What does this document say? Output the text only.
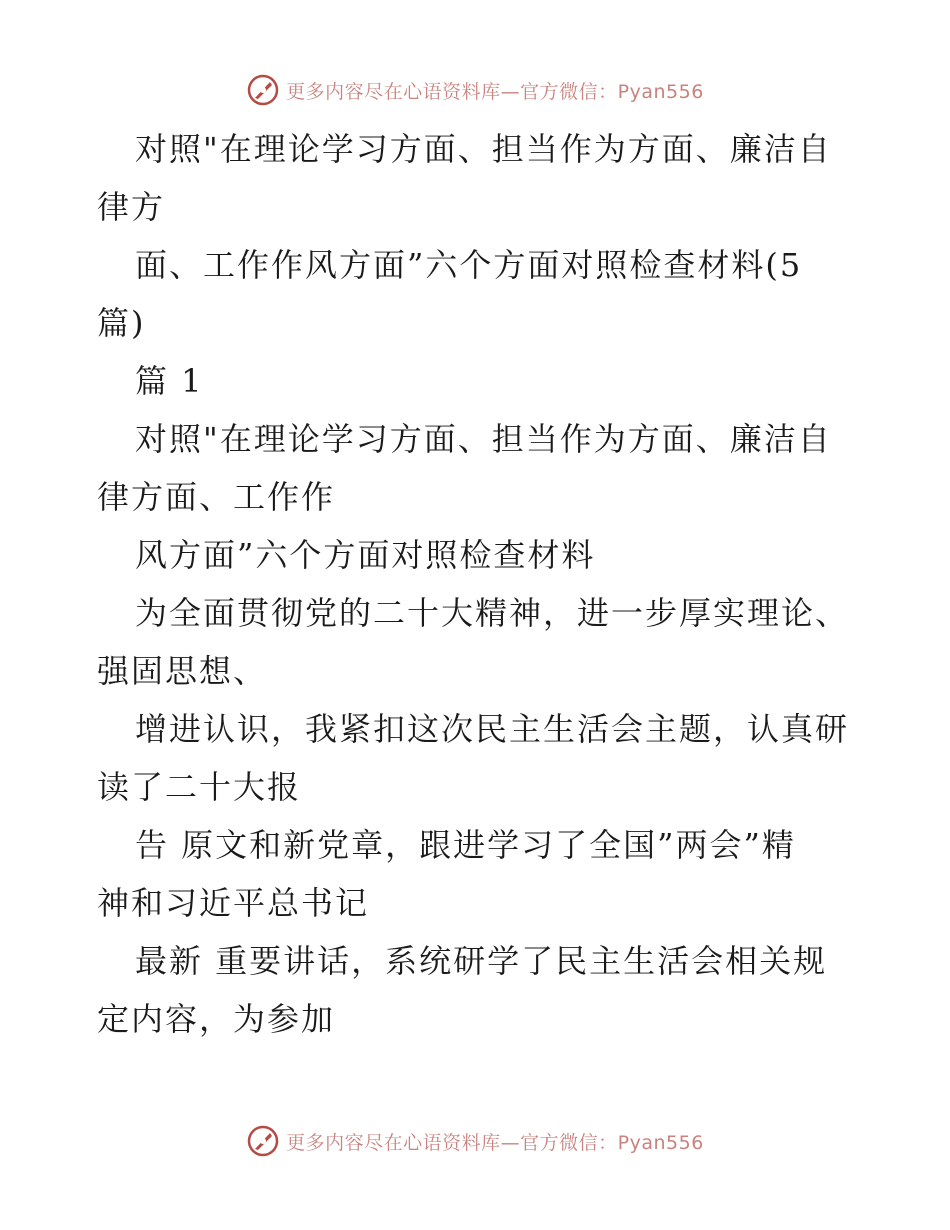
更多内容尽在心语资料库—官方微信：Pyan556
对照"在理论学习方面、担当作为方面、廉洁自
律方
面、工作作风方面”六个方面对照检查材料(5
篇)
篇 1
对照"在理论学习方面、担当作为方面、廉洁自
律方面、工作作
风方面”六个方面对照检查材料
为全面贯彻党的二十大精神，进一步厚实理论、
强固思想、
增进认识，我紧扣这次民主生活会主题，认真研
读了二十大报
告 原文和新党章，跟进学习了全国”两会”精
神和习近平总书记
最新 重要讲话，系统研学了民主生活会相关规
定内容，为参加
更多内容尽在心语资料库—官方微信：Pyan556
